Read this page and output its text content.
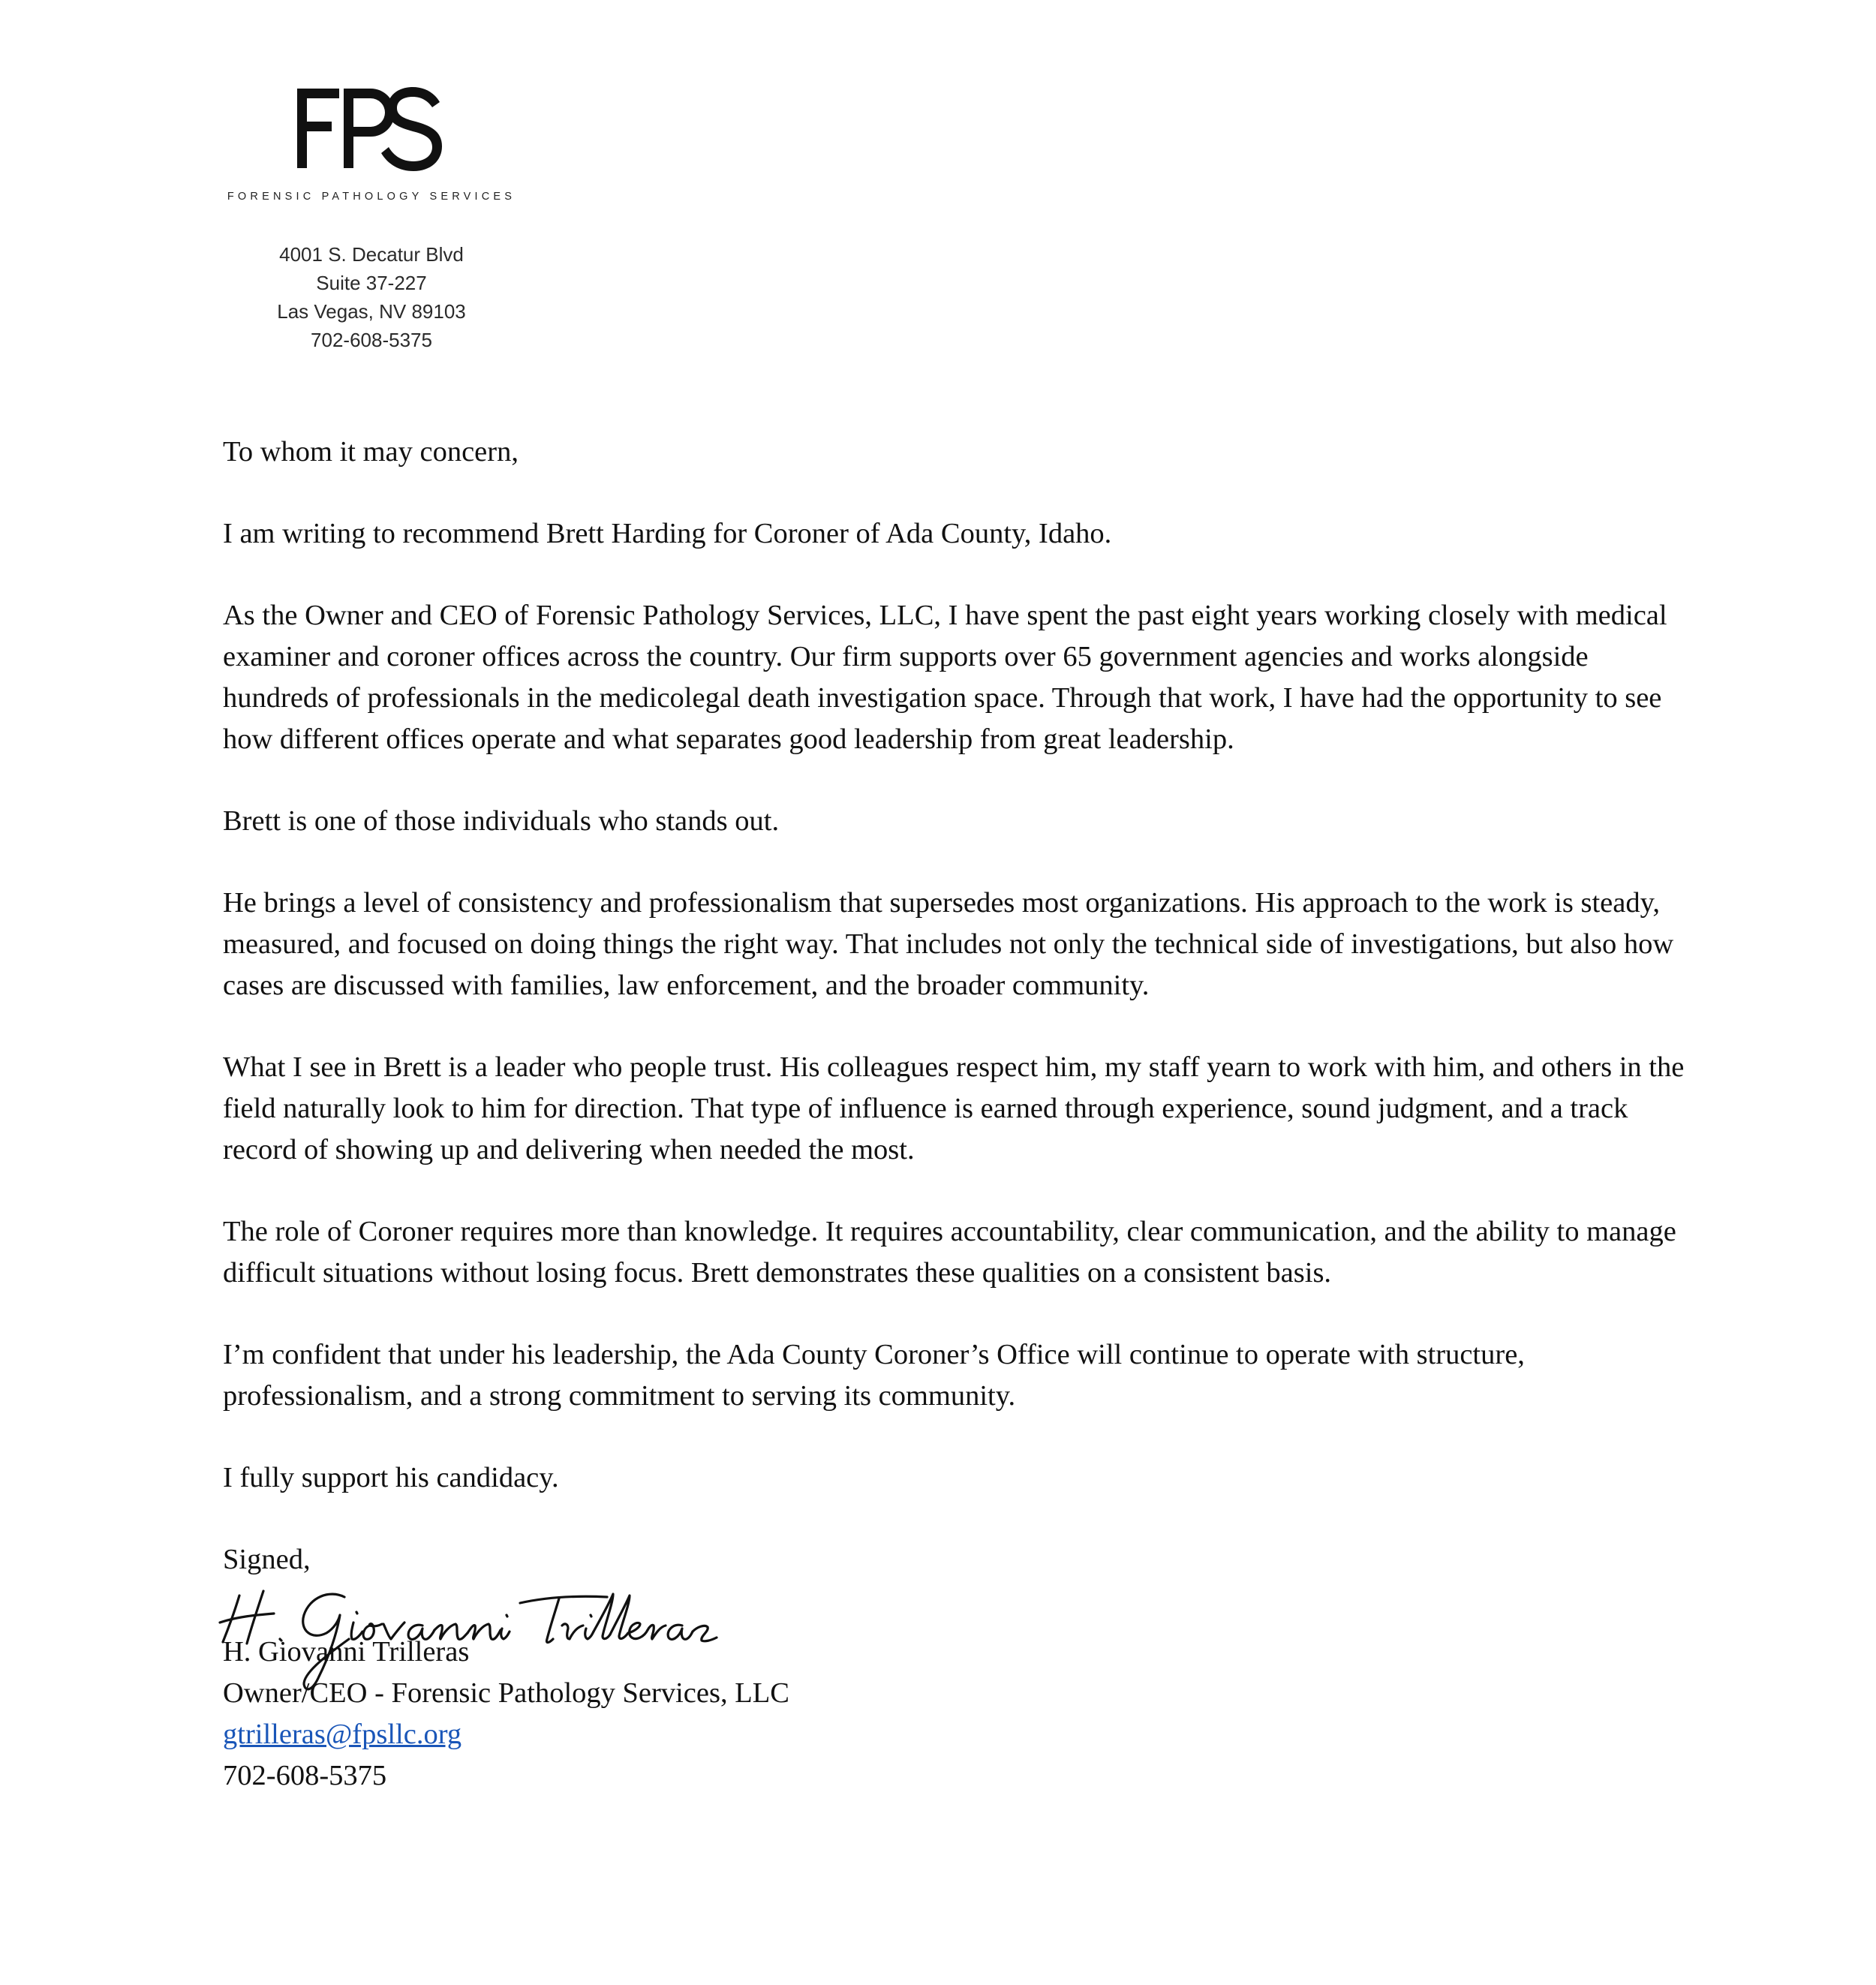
FORENSIC PATHOLOGY SERVICES
4001 S. Decatur Blvd
Suite 37-227
Las Vegas, NV 89103
702-608-5375

To whom it may concern,

I am writing to recommend Brett Harding for Coroner of Ada County, Idaho.

As the Owner and CEO of Forensic Pathology Services, LLC, I have spent the past eight years working closely with medical examiner and coroner offices across the country. Our firm supports over 65 government agencies and works alongside hundreds of professionals in the medicolegal death investigation space. Through that work, I have had the opportunity to see how different offices operate and what separates good leadership from great leadership.

Brett is one of those individuals who stands out.

He brings a level of consistency and professionalism that supersedes most organizations. His approach to the work is steady, measured, and focused on doing things the right way. That includes not only the technical side of investigations, but also how cases are discussed with families, law enforcement, and the broader community.

What I see in Brett is a leader who people trust. His colleagues respect him, my staff yearn to work with him, and others in the field naturally look to him for direction. That type of influence is earned through experience, sound judgment, and a track record of showing up and delivering when needed the most.

The role of Coroner requires more than knowledge. It requires accountability, clear communication, and the ability to manage difficult situations without losing focus. Brett demonstrates these qualities on a consistent basis.

I’m confident that under his leadership, the Ada County Coroner’s Office will continue to operate with structure, professionalism, and a strong commitment to serving its community.

I fully support his candidacy.

Signed,

H. Giovanni Trilleras
Owner/CEO - Forensic Pathology Services, LLC
gtrilleras@fpsllc.org
702-608-5375
